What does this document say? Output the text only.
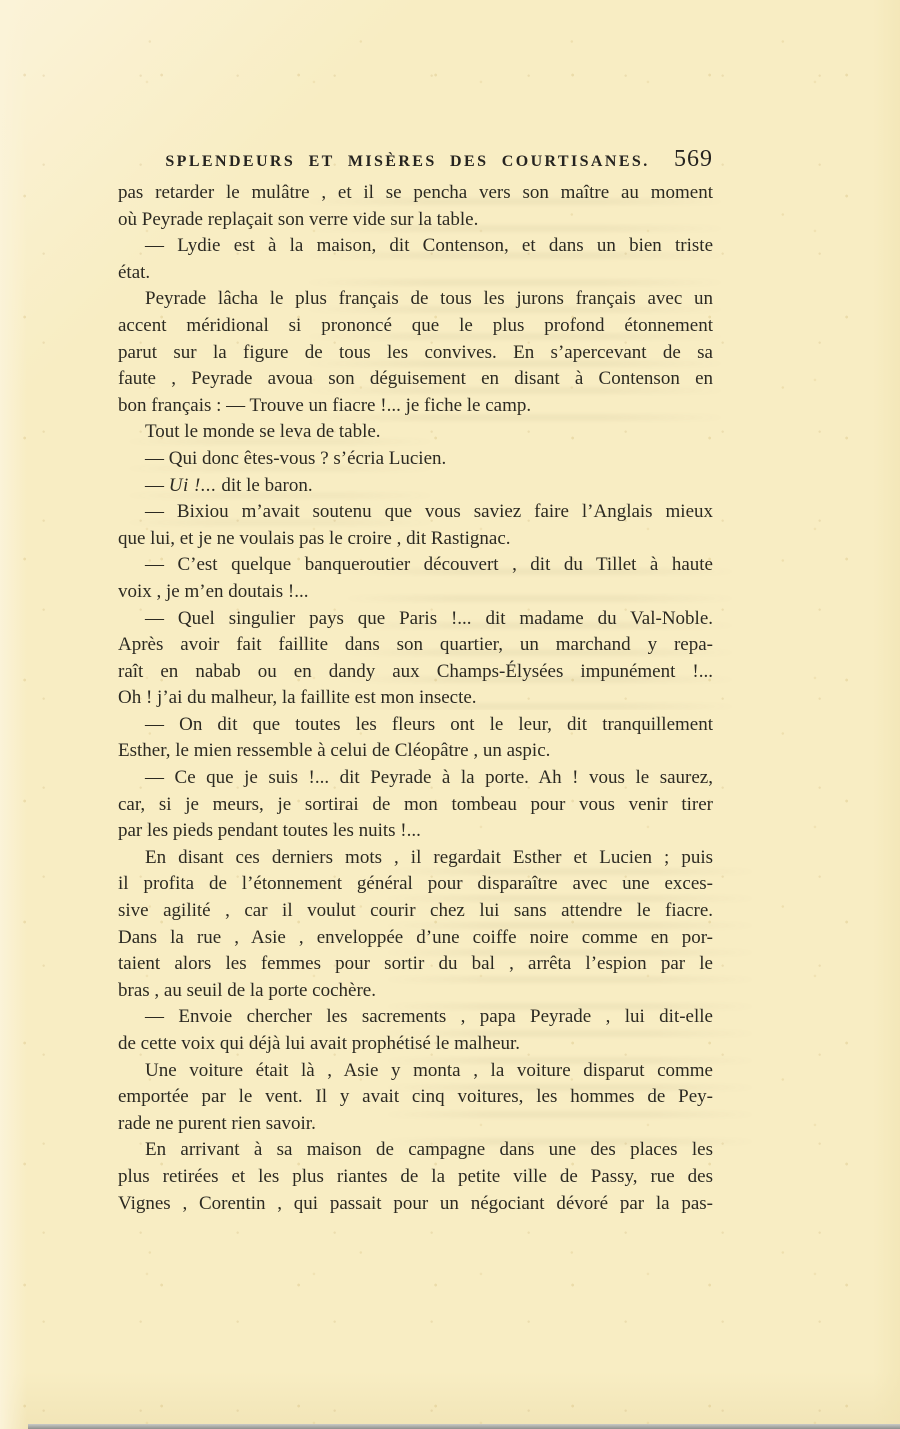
SPLENDEURS ET MISÈRES DES COURTISANES.	569
pas retarder le mulâtre , et il se pencha vers son maître au moment
où Peyrade replaçait son verre vide sur la table.
— Lydie est à la maison, dit Contenson, et dans un bien triste
état.
Peyrade lâcha le plus français de tous les jurons français avec un
accent méridional si prononcé que le plus profond étonnement
parut sur la figure de tous les convives. En s’apercevant de sa
faute , Peyrade avoua son déguisement en disant à Contenson en
bon français : — Trouve un fiacre !... je fiche le camp.
Tout le monde se leva de table.
— Qui donc êtes-vous ? s’écria Lucien.
— Ui !... dit le baron.
— Bixiou m’avait soutenu que vous saviez faire l’Anglais mieux
que lui, et je ne voulais pas le croire , dit Rastignac.
— C’est quelque banqueroutier découvert , dit du Tillet à haute
voix , je m’en doutais !...
— Quel singulier pays que Paris !... dit madame du Val-Noble.
Après avoir fait faillite dans son quartier, un marchand y repa-
raît en nabab ou en dandy aux Champs-Élysées impunément !...
Oh ! j’ai du malheur, la faillite est mon insecte.
— On dit que toutes les fleurs ont le leur, dit tranquillement
Esther, le mien ressemble à celui de Cléopâtre , un aspic.
— Ce que je suis !... dit Peyrade à la porte. Ah ! vous le saurez,
car, si je meurs, je sortirai de mon tombeau pour vous venir tirer
par les pieds pendant toutes les nuits !...
En disant ces derniers mots , il regardait Esther et Lucien ; puis
il profita de l’étonnement général pour disparaître avec une exces-
sive agilité , car il voulut courir chez lui sans attendre le fiacre.
Dans la rue , Asie , enveloppée d’une coiffe noire comme en por-
taient alors les femmes pour sortir du bal , arrêta l’espion par le
bras , au seuil de la porte cochère.
— Envoie chercher les sacrements , papa Peyrade , lui dit-elle
de cette voix qui déjà lui avait prophétisé le malheur.
Une voiture était là , Asie y monta , la voiture disparut comme
emportée par le vent. Il y avait cinq voitures, les hommes de Pey-
rade ne purent rien savoir.
En arrivant à sa maison de campagne dans une des places les
plus retirées et les plus riantes de la petite ville de Passy, rue des
Vignes , Corentin , qui passait pour un négociant dévoré par la pas-
